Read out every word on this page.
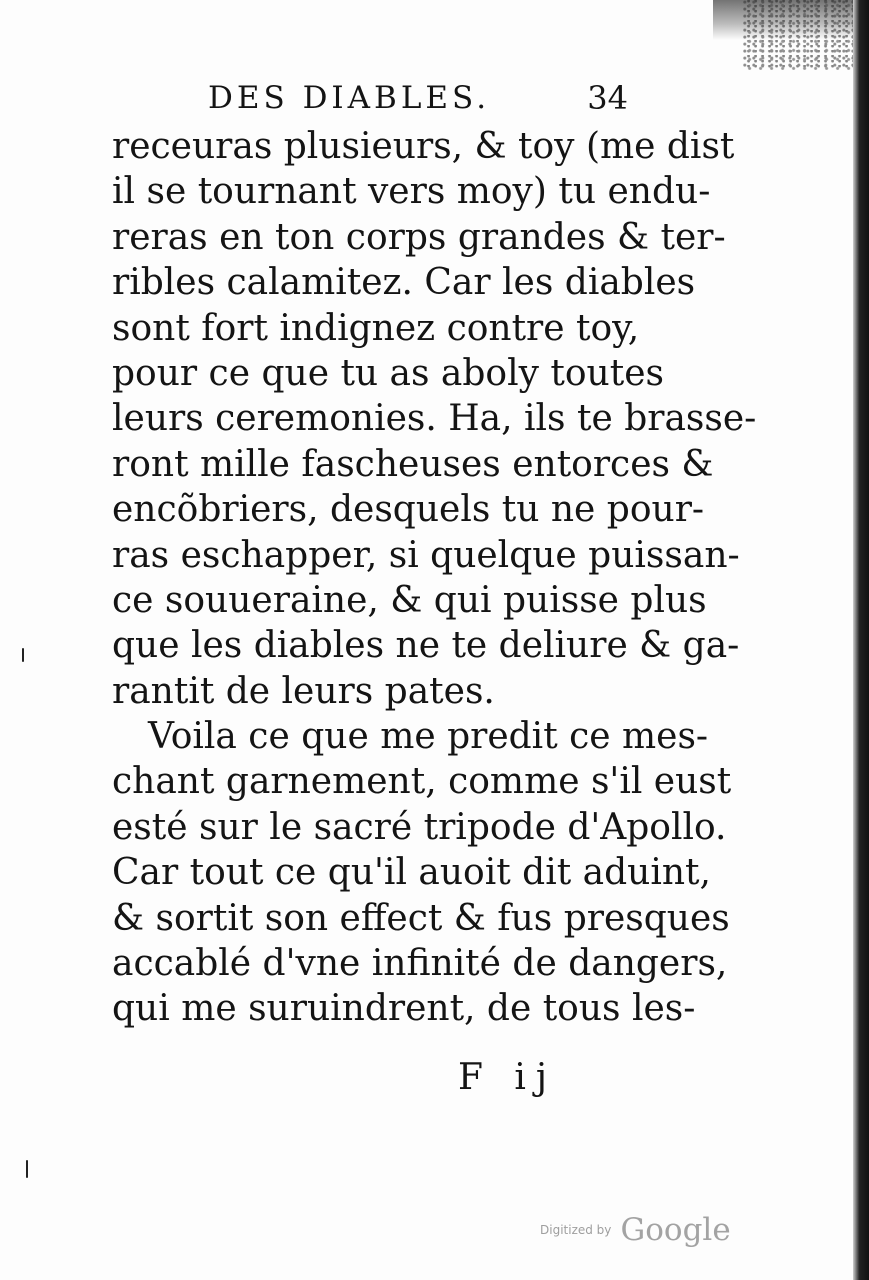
DES DIABLES.	34
receuras plusieurs, & toy (me dist
il se tournant vers moy) tu endu-
reras en ton corps grandes & ter-
ribles calamitez. Car les diables
sont fort indignez contre toy,
pour ce que tu as aboly toutes
leurs ceremonies. Ha, ils te brasse-
ront mille fascheuses entorces &
encõbriers, desquels tu ne pour-
ras eschapper, si quelque puissan-
ce souueraine, & qui puisse plus
que les diables ne te deliure & ga-
rantit de leurs pates.
Voila ce que me predit ce mes-
chant garnement, comme s'il eust
esté sur le sacré tripode d'Apollo.
Car tout ce qu'il auoit dit aduint,
& sortit son effect & fus presques
accablé d'vne infinité de dangers,
qui me suruindrent, de tous les-
F ij
Digitized by Google
